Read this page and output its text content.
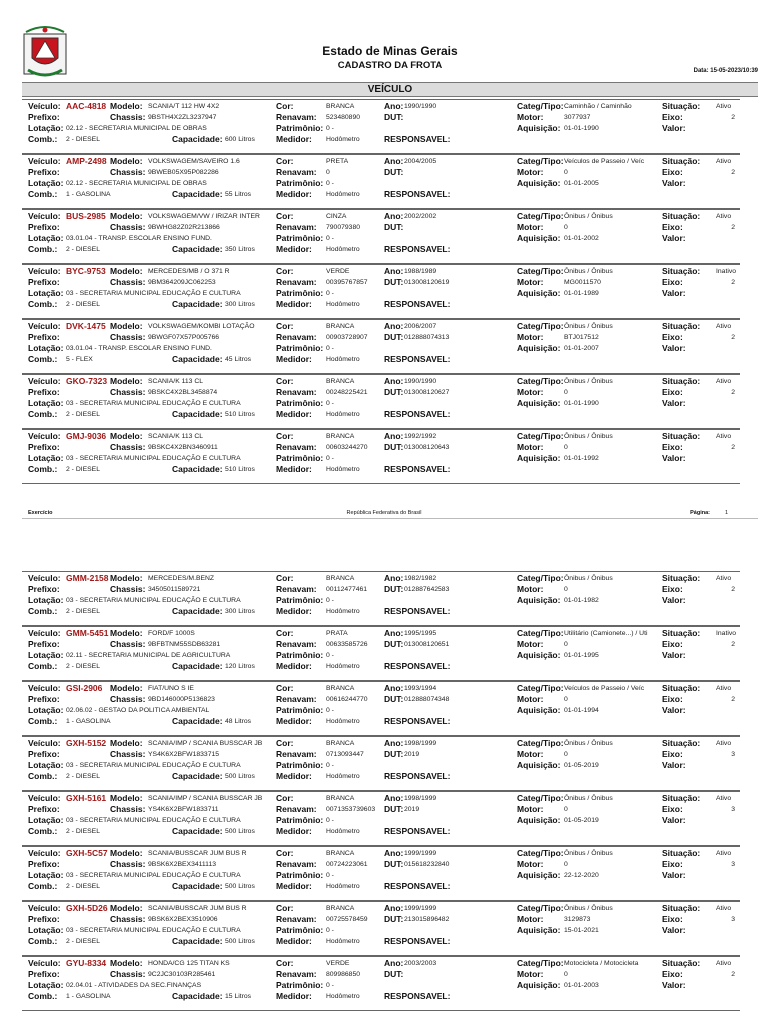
Estado de Minas Gerais
CADASTRO DA FROTA	Data: 15-05-2023/10:39
VEÍCULO
Veículo: AAC-4818 Modelo: SCANIA/T 112 HW 4X2	Cor:	BRANCA	Ano: 1990/1990	Categ/Tipo: Caminhão / Caminhão	Situação: Ativo
Prefixo:	Chassis: 9BSTH4X2ZL3237947	Renavam: 523480890	DUT:	Motor:	3077937	Eixo:	2
Lotação: 02.12 - SECRETARIA MUNICIPAL DE OBRAS	Patrimônio: 0 -	Aquisição: 01-01-1990	Valor:
Comb.: 2 - DIESEL	Capacidade: 600 Litros Medidor: Hodômetro	RESPONSAVEL:
Veículo: AMP-2498 Modelo: VOLKSWAGEM/SAVEIRO 1.6	Cor:	PRETA	Ano: 2004/2005	Categ/Tipo: Veículos de Passeio / Veíc Situação: Ativo
Prefixo:	Chassis: 9BWEB05X95P082286	Renavam: 0	DUT:	Motor:	0	Eixo:	2
Lotação: 02.12 - SECRETARIA MUNICIPAL DE OBRAS	Patrimônio: 0 -	Aquisição: 01-01-2005	Valor:
Comb.: 1 - GASOLINA	Capacidade: 55 Litros	Medidor: Hodômetro	RESPONSAVEL:
Veículo: BUS-2985 Modelo: VOLKSWAGEM/VW / IRIZAR INTER Cor:	CINZA	Ano: 2002/2002	Categ/Tipo: Ônibus / Ônibus	Situação: Ativo
Prefixo:	Chassis: 9BWHG82Z02R213866	Renavam: 790079380	DUT:	Motor:	0	Eixo:	2
Lotação: 03.01.04 - TRANSP. ESCOLAR ENSINO FUND.	Patrimônio: 0 -	Aquisição: 01-01-2002	Valor:
Comb.: 2 - DIESEL	Capacidade: 350 Litros Medidor: Hodômetro	RESPONSAVEL:
Veículo: BYC-9753 Modelo: MERCEDES/MB / O 371 R	Cor:	VERDE	Ano: 1988/1989	Categ/Tipo: Ônibus / Ônibus	Situação: Inativo
Prefixo:	Chassis: 9BM364209JC062253	Renavam: 00395767857 DUT: 013008120619	Motor:	MG0011570	Eixo:	2
Lotação: 03 - SECRETARIA MUNICIPAL EDUCAÇÃO E CULTURA	Patrimônio: 0 -	Aquisição: 01-01-1989	Valor:
Comb.: 2 - DIESEL	Capacidade: 300 Litros Medidor: Hodômetro	RESPONSAVEL:
Veículo: DVK-1475 Modelo: VOLKSWAGEM/KOMBI LOTAÇÃO	Cor:	BRANCA	Ano: 2006/2007	Categ/Tipo: Ônibus / Ônibus	Situação: Ativo
Prefixo:	Chassis: 9BWGF07X57P005766	Renavam: 00903728907 DUT: 012888074313	Motor:	BTJ017512	Eixo:	2
Lotação: 03.01.04 - TRANSP. ESCOLAR ENSINO FUND.	Patrimônio: 0 -	Aquisição: 01-01-2007	Valor:
Comb.: 5 - FLEX	Capacidade: 45 Litros	Medidor: Hodômetro	RESPONSAVEL:
Veículo: GKO-7323 Modelo: SCANIA/K 113 CL	Cor:	BRANCA	Ano: 1990/1990	Categ/Tipo: Ônibus / Ônibus	Situação: Ativo
Prefixo:	Chassis: 9BSKC4X2BL3458874	Renavam: 00248225421 DUT: 013008120627	Motor:	0	Eixo:	2
Lotação: 03 - SECRETARIA MUNICIPAL EDUCAÇÃO E CULTURA	Patrimônio: 0 -	Aquisição: 01-01-1990	Valor:
Comb.: 2 - DIESEL	Capacidade: 510 Litros Medidor: Hodômetro	RESPONSAVEL:
Veículo: GMJ-9036 Modelo: SCANIA/K 113 CL	Cor:	BRANCA	Ano: 1992/1992	Categ/Tipo: Ônibus / Ônibus	Situação: Ativo
Prefixo:	Chassis: 9BSKC4X2BN3460911	Renavam: 00603244270 DUT: 013008120643	Motor:	0	Eixo:	2
Lotação: 03 - SECRETARIA MUNICIPAL EDUCAÇÃO E CULTURA	Patrimônio: 0 -	Aquisição: 01-01-1992	Valor:
Comb.: 2 - DIESEL	Capacidade: 510 Litros Medidor: Hodômetro	RESPONSAVEL:
Exercício	República Federativa do Brasil	Página:	1
Veículo: GMM-2158 Modelo: MERCEDES/M.BENZ	Cor:	BRANCA	Ano: 1982/1982	Categ/Tipo: Ônibus / Ônibus	Situação: Ativo
Prefixo:	Chassis: 34505011589721	Renavam: 00112477461 DUT: 012887642583	Motor:	0	Eixo:	2
Lotação: 03 - SECRETARIA MUNICIPAL EDUCAÇÃO E CULTURA	Patrimônio: 0 -	Aquisição: 01-01-1982	Valor:
Comb.: 2 - DIESEL	Capacidade: 300 Litros Medidor: Hodômetro	RESPONSAVEL:
Veículo: GMM-5451 Modelo: FORD/F 1000S	Cor:	PRATA	Ano: 1995/1995	Categ/Tipo: Utilitário (Camionete...) / Uti Situação: Inativo
Prefixo:	Chassis: 9BFBTNM55SDB63281	Renavam: 00633585726 DUT: 013008120651	Motor:	0	Eixo:	2
Lotação: 02.11 - SECRETARIA MUNICIPAL DE AGRICULTURA	Patrimônio: 0 -	Aquisição: 01-01-1995	Valor:
Comb.: 2 - DIESEL	Capacidade: 120 Litros Medidor: Hodômetro	RESPONSAVEL:
Veículo: GSI-2906 Modelo: FIAT/UNO S IE	Cor:	BRANCA	Ano: 1993/1994	Categ/Tipo: Veículos de Passeio / Veíc Situação: Ativo
Prefixo:	Chassis: 9BD146000P5136823	Renavam: 00616244770 DUT: 012888074348	Motor:	0	Eixo:	2
Lotação: 02.06.02 - GESTAO DA POLITICA AMBIENTAL	Patrimônio: 0 -	Aquisição: 01-01-1994	Valor:
Comb.: 1 - GASOLINA	Capacidade: 48 Litros	Medidor: Hodômetro	RESPONSAVEL:
Veículo: GXH-5152 Modelo: SCANIA/IMP / SCANIA BUSSCAR JB Cor:	BRANCA	Ano: 1998/1999	Categ/Tipo: Ônibus / Ônibus	Situação: Ativo
Prefixo:	Chassis: YS4K6X2BFW1833715	Renavam: 0713093447 DUT: 2019	Motor:	0	Eixo:	3
Lotação: 03 - SECRETARIA MUNICIPAL EDUCAÇÃO E CULTURA	Patrimônio: 0 -	Aquisição: 01-05-2019	Valor:
Comb.: 2 - DIESEL	Capacidade: 500 Litros Medidor: Hodômetro	RESPONSAVEL:
Veículo: GXH-5161 Modelo: SCANIA/IMP / SCANIA BUSSCAR JB Cor:	BRANCA	Ano: 1998/1999	Categ/Tipo: Ônibus / Ônibus	Situação: Ativo
Prefixo:	Chassis: YS4K6X2BFW1833711	Renavam: 0071353739603 DUT: 2019	Motor:	0	Eixo:	3
Lotação: 03 - SECRETARIA MUNICIPAL EDUCAÇÃO E CULTURA	Patrimônio: 0 -	Aquisição: 01-05-2019	Valor:
Comb.: 2 - DIESEL	Capacidade: 500 Litros Medidor: Hodômetro	RESPONSAVEL:
Veículo: GXH-5C57 Modelo: SCANIA/BUSSCAR JUM BUS R	Cor:	BRANCA	Ano: 1999/1999	Categ/Tipo: Ônibus / Ônibus	Situação: Ativo
Prefixo:	Chassis: 9BSK6X2BEX3411113	Renavam: 00724223061 DUT: 015618232840	Motor:	0	Eixo:	3
Lotação: 03 - SECRETARIA MUNICIPAL EDUCAÇÃO E CULTURA	Patrimônio: 0 -	Aquisição: 22-12-2020	Valor:
Comb.: 2 - DIESEL	Capacidade: 500 Litros Medidor: Hodômetro	RESPONSAVEL:
Veículo: GXH-5D26 Modelo: SCANIA/BUSSCAR JUM BUS R	Cor:	BRANCA	Ano: 1999/1999	Categ/Tipo: Ônibus / Ônibus	Situação: Ativo
Prefixo:	Chassis: 9BSK6X2BEX3510906	Renavam: 00725578459 DUT: 213015896482	Motor:	3129873	Eixo:	3
Lotação: 03 - SECRETARIA MUNICIPAL EDUCAÇÃO E CULTURA	Patrimônio: 0 -	Aquisição: 15-01-2021	Valor:
Comb.: 2 - DIESEL	Capacidade: 500 Litros Medidor: Hodômetro	RESPONSAVEL:
Veículo: GYU-8334 Modelo: HONDA/CG 125 TITAN KS	Cor:	VERDE	Ano: 2003/2003	Categ/Tipo: Motocicleta / Motocicleta	Situação: Ativo
Prefixo:	Chassis: 9C2JC30103R285461	Renavam: 809986850	DUT:	Motor:	0	Eixo:	2
Lotação: 02.04.01 - ATIVIDADES DA SEC.FINANÇAS	Patrimônio: 0 -	Aquisição: 01-01-2003	Valor:
Comb.: 1 - GASOLINA	Capacidade: 15 Litros	Medidor: Hodômetro	RESPONSAVEL:
